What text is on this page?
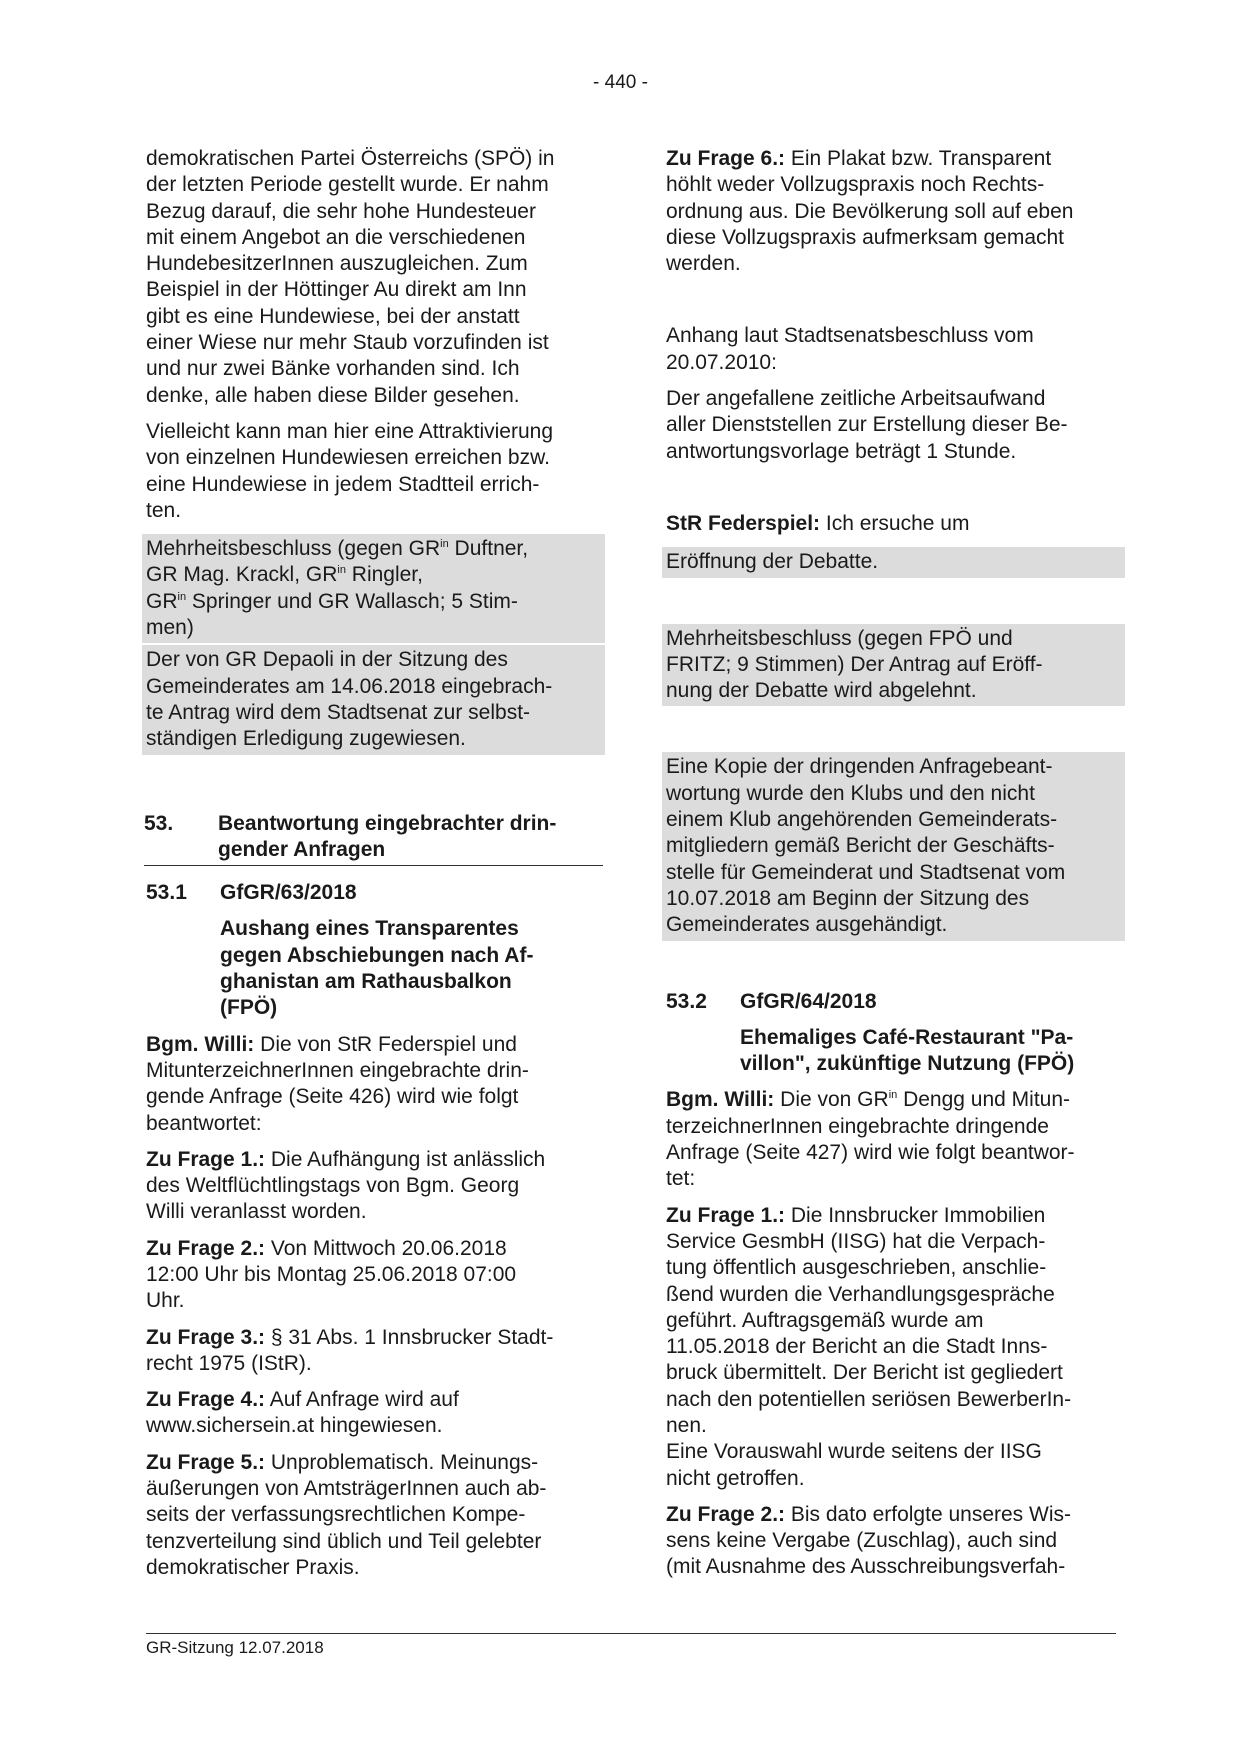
- 440 -

demokratischen Partei Österreichs (SPÖ) in
der letzten Periode gestellt wurde. Er nahm
Bezug darauf, die sehr hohe Hundesteuer
mit einem Angebot an die verschiedenen
HundebesitzerInnen auszugleichen. Zum
Beispiel in der Höttinger Au direkt am Inn
gibt es eine Hundewiese, bei der anstatt
einer Wiese nur mehr Staub vorzufinden ist
und nur zwei Bänke vorhanden sind. Ich
denke, alle haben diese Bilder gesehen.

Vielleicht kann man hier eine Attraktivierung
von einzelnen Hundewiesen erreichen bzw.
eine Hundewiese in jedem Stadtteil errich-
ten.

Mehrheitsbeschluss (gegen $GR^{in}$ Duftner,
GR Mag. Krackl, $GR^{in}$ Ringler,
$GR^{in}$ Springer und GR Wallasch; 5 Stim-
men)

Der von GR Depaoli in der Sitzung des
Gemeinderates am 14.06.2018 eingebrach-
te Antrag wird dem Stadtsenat zur selbst-
ständigen Erledigung zugewiesen.

53.	Beantwortung eingebrachter drin-
gender Anfragen
53.1	GfGR/63/2018
Aushang eines Transparentes
gegen Abschiebungen nach Af-
ghanistan am Rathausbalkon
(FPÖ)

Bgm. Willi: Die von StR Federspiel und
MitunterzeichnerInnen eingebrachte drin-
gende Anfrage (Seite 426) wird wie folgt
beantwortet:

Zu Frage 1.: Die Aufhängung ist anlässlich
des Weltflüchtlingstags von Bgm. Georg
Willi veranlasst worden.

Zu Frage 2.: Von Mittwoch 20.06.2018
12:00 Uhr bis Montag 25.06.2018 07:00
Uhr.

Zu Frage 3.: § 31 Abs. 1 Innsbrucker Stadt-
recht 1975 (IStR).

Zu Frage 4.: Auf Anfrage wird auf
www.sichersein.at hingewiesen.

Zu Frage 5.: Unproblematisch. Meinungs-
äußerungen von AmtsträgerInnen auch ab-
seits der verfassungsrechtlichen Kompe-
tenzverteilung sind üblich und Teil gelebter
demokratischer Praxis.

Zu Frage 6.: Ein Plakat bzw. Transparent
höhlt weder Vollzugspraxis noch Rechts-
ordnung aus. Die Bevölkerung soll auf eben
diese Vollzugspraxis aufmerksam gemacht
werden.

Anhang laut Stadtsenatsbeschluss vom
20.07.2010:

Der angefallene zeitliche Arbeitsaufwand
aller Dienststellen zur Erstellung dieser Be-
antwortungsvorlage beträgt 1 Stunde.

StR Federspiel: Ich ersuche um

Eröffnung der Debatte.

Mehrheitsbeschluss (gegen FPÖ und
FRITZ; 9 Stimmen) Der Antrag auf Eröff-
nung der Debatte wird abgelehnt.

Eine Kopie der dringenden Anfragebeant-
wortung wurde den Klubs und den nicht
einem Klub angehörenden Gemeinderats-
mitgliedern gemäß Bericht der Geschäfts-
stelle für Gemeinderat und Stadtsenat vom
10.07.2018 am Beginn der Sitzung des
Gemeinderates ausgehändigt.

53.2	GfGR/64/2018
Ehemaliges Café-Restaurant "Pa-
villon", zukünftige Nutzung (FPÖ)

Bgm. Willi: Die von $GR^{in}$ Dengg und Mitun-
terzeichnerInnen eingebrachte dringende
Anfrage (Seite 427) wird wie folgt beantwor-
tet:

Zu Frage 1.: Die Innsbrucker Immobilien
Service GesmbH (IISG) hat die Verpach-
tung öffentlich ausgeschrieben, anschlie-
ßend wurden die Verhandlungsgespräche
geführt. Auftragsgemäß wurde am
11.05.2018 der Bericht an die Stadt Inns-
bruck übermittelt. Der Bericht ist gegliedert
nach den potentiellen seriösen BewerberIn-
nen.
Eine Vorauswahl wurde seitens der IISG
nicht getroffen.

Zu Frage 2.: Bis dato erfolgte unseres Wis-
sens keine Vergabe (Zuschlag), auch sind
(mit Ausnahme des Ausschreibungsverfah-

GR-Sitzung 12.07.2018
